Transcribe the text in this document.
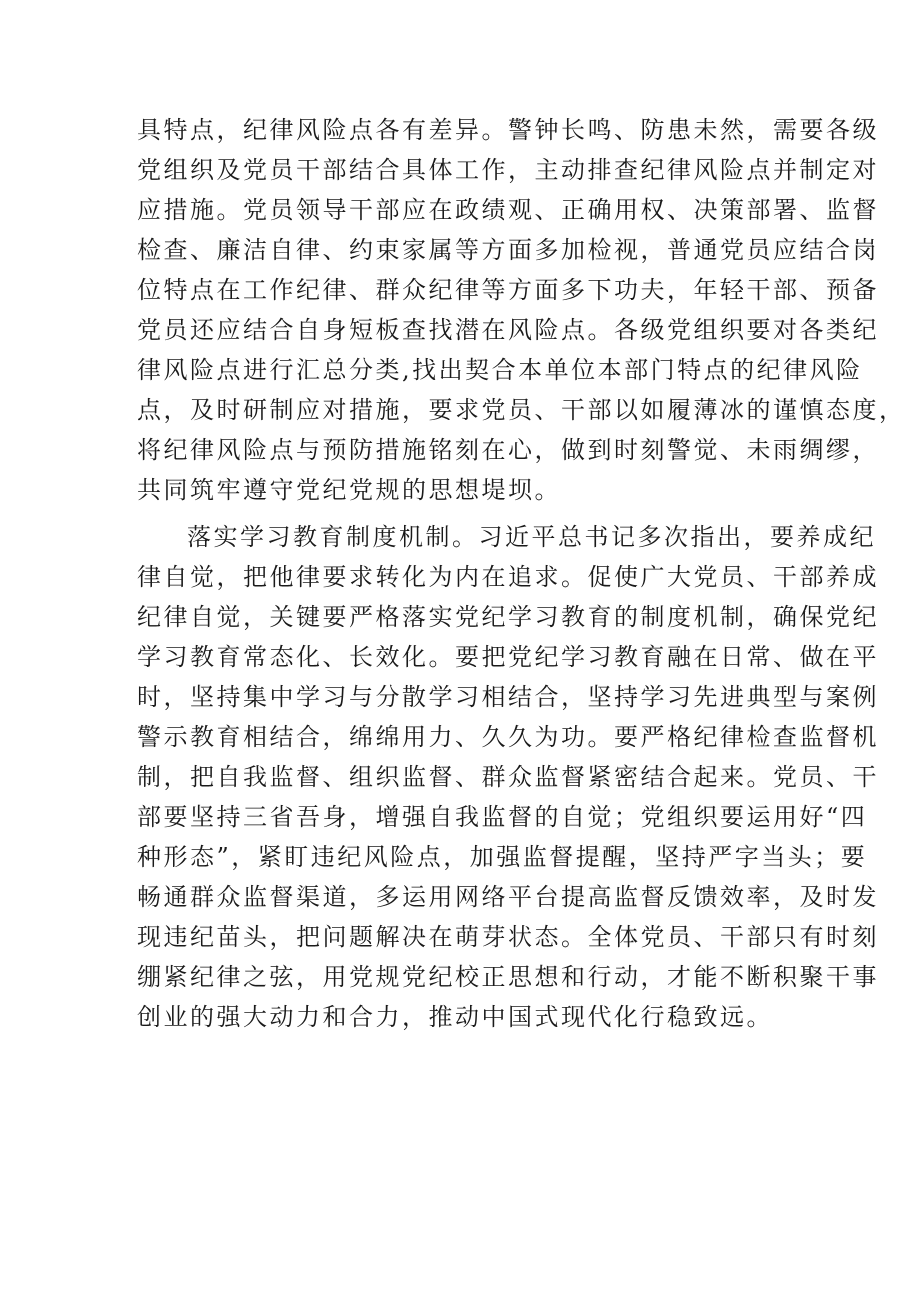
具特点，纪律风险点各有差异。警钟长鸣、防患未然，需要各级
党组织及党员干部结合具体工作，主动排查纪律风险点并制定对
应措施。党员领导干部应在政绩观、正确用权、决策部署、监督
检查、廉洁自律、约束家属等方面多加检视，普通党员应结合岗
位特点在工作纪律、群众纪律等方面多下功夫，年轻干部、预备
党员还应结合自身短板查找潜在风险点。各级党组织要对各类纪
律风险点进行汇总分类,找出契合本单位本部门特点的纪律风险
点，及时研制应对措施，要求党员、干部以如履薄冰的谨慎态度，
将纪律风险点与预防措施铭刻在心，做到时刻警觉、未雨绸缪，
共同筑牢遵守党纪党规的思想堤坝。
落实学习教育制度机制。习近平总书记多次指出，要养成纪
律自觉，把他律要求转化为内在追求。促使广大党员、干部养成
纪律自觉，关键要严格落实党纪学习教育的制度机制，确保党纪
学习教育常态化、长效化。要把党纪学习教育融在日常、做在平
时，坚持集中学习与分散学习相结合，坚持学习先进典型与案例
警示教育相结合，绵绵用力、久久为功。要严格纪律检查监督机
制，把自我监督、组织监督、群众监督紧密结合起来。党员、干
部要坚持三省吾身，增强自我监督的自觉；党组织要运用好“四
种形态”，紧盯违纪风险点，加强监督提醒，坚持严字当头；要
畅通群众监督渠道，多运用网络平台提高监督反馈效率，及时发
现违纪苗头，把问题解决在萌芽状态。全体党员、干部只有时刻
绷紧纪律之弦，用党规党纪校正思想和行动，才能不断积聚干事
创业的强大动力和合力，推动中国式现代化行稳致远。
